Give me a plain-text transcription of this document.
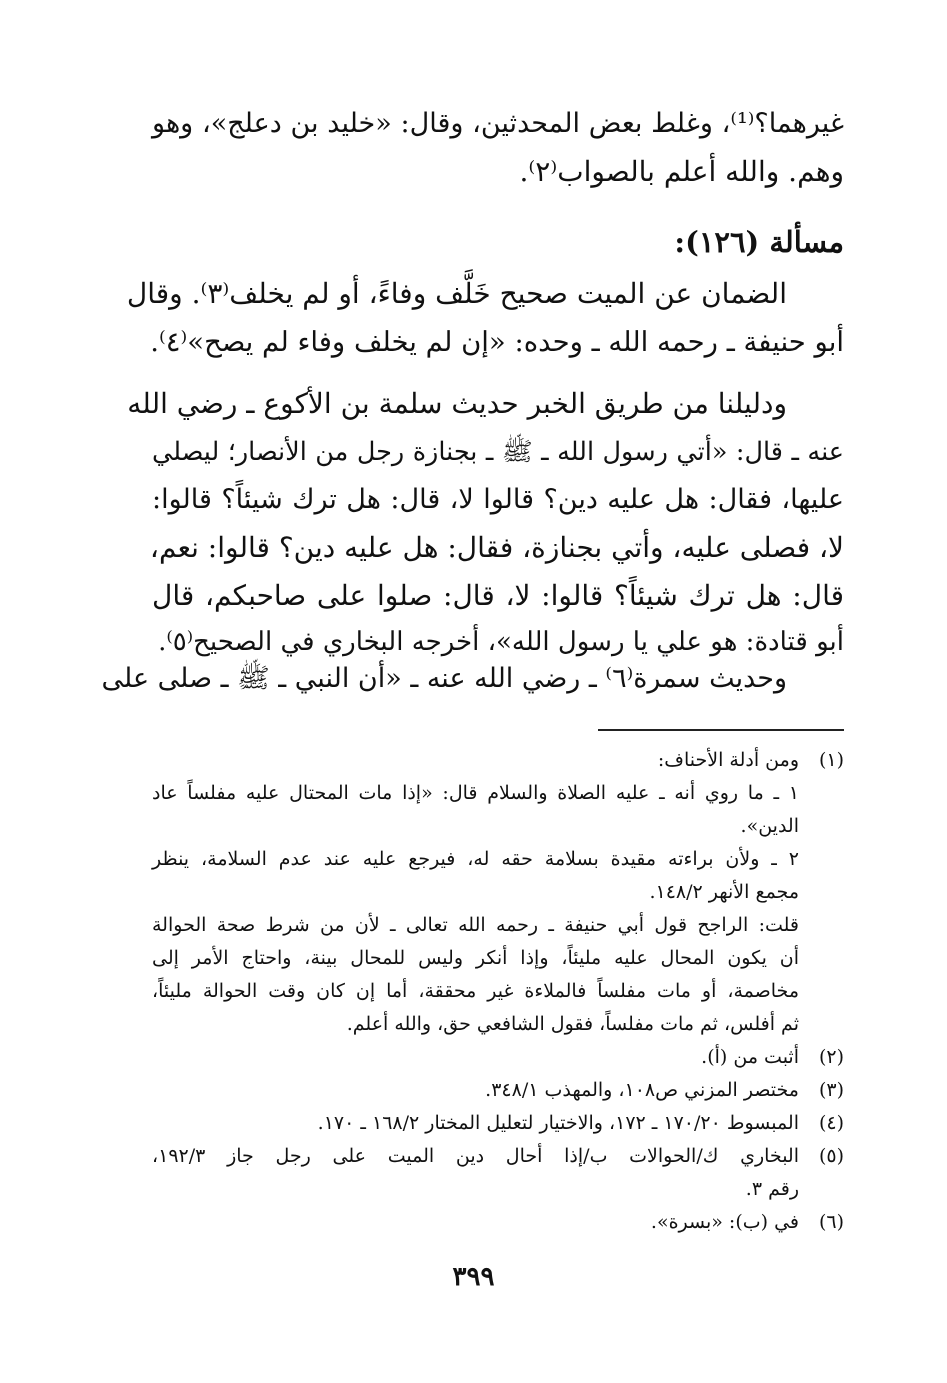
غيرهما؟⁽¹⁾، وغلط بعض المحدثين، وقال: «خليد بن دعلج»، وهو
وهم. والله أعلم بالصواب⁽٢⁾.
مسألة (١٢٦):
الضمان عن الميت صحيح خَلَّف وفاءً، أو لم يخلف⁽٣⁾. وقال
أبو حنيفة ـ رحمه الله ـ وحده: «إن لم يخلف وفاء لم يصح»⁽٤⁾.
ودليلنا من طريق الخبر حديث سلمة بن الأكوع ـ رضي الله
عنه ـ قال: «أتي رسول الله ـ ﷺ ـ بجنازة رجل من الأنصار؛ ليصلي
عليها، فقال: هل عليه دين؟ قالوا لا، قال: هل ترك شيئاً؟ قالوا:
لا، فصلى عليه، وأتي بجنازة، فقال: هل عليه دين؟ قالوا: نعم،
قال: هل ترك شيئاً؟ قالوا: لا، قال: صلوا على صاحبكم، قال
أبو قتادة: هو علي يا رسول الله»، أخرجه البخاري في الصحيح⁽٥⁾.
وحديث سمرة⁽٦⁾ ـ رضي الله عنه ـ «أن النبي ـ ﷺ ـ صلى على
(١)
ومن أدلة الأحناف:
١ ـ ما روي أنه ـ عليه الصلاة والسلام قال: «إذا مات المحتال عليه مفلساً عاد
الدين».
٢ ـ ولأن براءته مقيدة بسلامة حقه له، فيرجع عليه عند عدم السلامة، ينظر
مجمع الأنهر ١٤٨/٢.
قلت: الراجح قول أبي حنيفة ـ رحمه الله تعالى ـ لأن من شرط صحة الحوالة
أن يكون المحال عليه مليئاً، وإذا أنكر وليس للمحال بينة، واحتاج الأمر إلى
مخاصمة، أو مات مفلساً فالملاءة غير محققة، أما إن كان وقت الحوالة مليئاً،
ثم أفلس، ثم مات مفلساً، فقول الشافعي حق، والله أعلم.
(٢)
أثبت من (أ).
(٣)
مختصر المزني ص١٠٨، والمهذب ٣٤٨/١.
(٤)
المبسوط ١٧٠/٢٠ ـ ١٧٢، والاختيار لتعليل المختار ١٦٨/٢ ـ ١٧٠.
(٥)
البخاري ك/الحوالات ب/إذا أحال دين الميت على رجل جاز ١٩٢/٣،
رقم ٣.
(٦)
في (ب): «بسرة».
٣٩٩
